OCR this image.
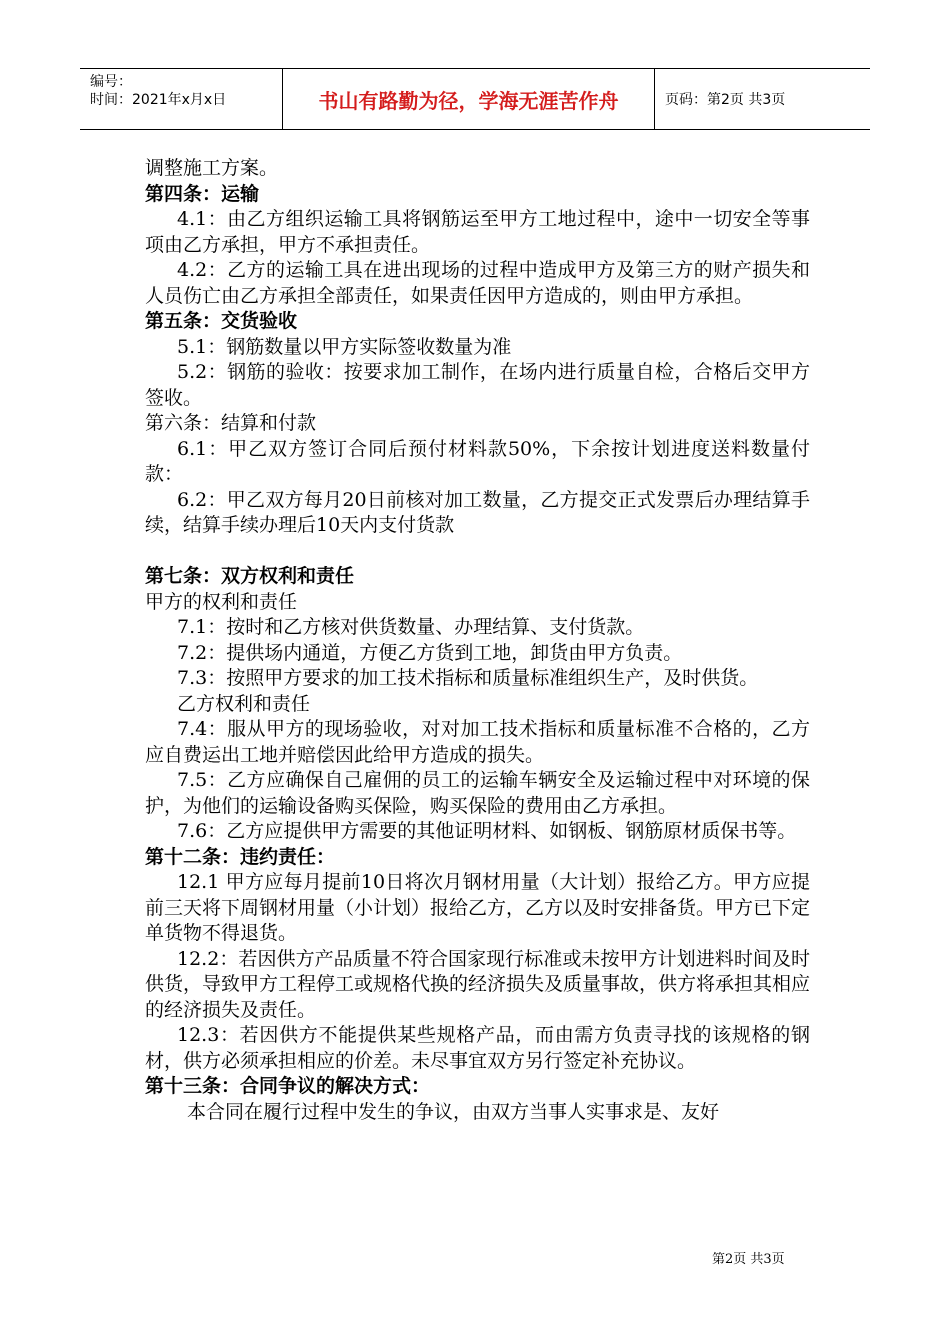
编号：
时间：2021年x月x日	书山有路勤为径，学海无涯苦作舟	页码：第2页 共3页

调整施工方案。

第四条：运输

4.1：由乙方组织运输工具将钢筋运至甲方工地过程中，途中一切安全等事项由乙方承担，甲方不承担责任。

4.2：乙方的运输工具在进出现场的过程中造成甲方及第三方的财产损失和人员伤亡由乙方承担全部责任，如果责任因甲方造成的，则由甲方承担。

第五条：交货验收

5.1：钢筋数量以甲方实际签收数量为准

5.2：钢筋的验收：按要求加工制作，在场内进行质量自检，合格后交甲方签收。

第六条：结算和付款

6.1：甲乙双方签订合同后预付材料款50%，下余按计划进度送料数量付款：

6.2：甲乙双方每月20日前核对加工数量，乙方提交正式发票后办理结算手续，结算手续办理后10天内支付货款

第七条：双方权利和责任

甲方的权利和责任

7.1：按时和乙方核对供货数量、办理结算、支付货款。

7.2：提供场内通道，方便乙方货到工地，卸货由甲方负责。

7.3：按照甲方要求的加工技术指标和质量标准组织生产，及时供货。

乙方权利和责任

7.4：服从甲方的现场验收，对对加工技术指标和质量标准不合格的，乙方应自费运出工地并赔偿因此给甲方造成的损失。

7.5：乙方应确保自己雇佣的员工的运输车辆安全及运输过程中对环境的保护，为他们的运输设备购买保险，购买保险的费用由乙方承担。

7.6：乙方应提供甲方需要的其他证明材料、如钢板、钢筋原材质保书等。

第十二条：违约责任：

12.1 甲方应每月提前10日将次月钢材用量（大计划）报给乙方。甲方应提前三天将下周钢材用量（小计划）报给乙方，乙方以及时安排备货。甲方已下定单货物不得退货。

12.2：若因供方产品质量不符合国家现行标准或未按甲方计划进料时间及时供货，导致甲方工程停工或规格代换的经济损失及质量事故，供方将承担其相应的经济损失及责任。

12.3：若因供方不能提供某些规格产品，而由需方负责寻找的该规格的钢材，供方必须承担相应的价差。未尽事宜双方另行签定补充协议。

第十三条：合同争议的解决方式：

本合同在履行过程中发生的争议，由双方当事人实事求是、友好

第2页 共3页
